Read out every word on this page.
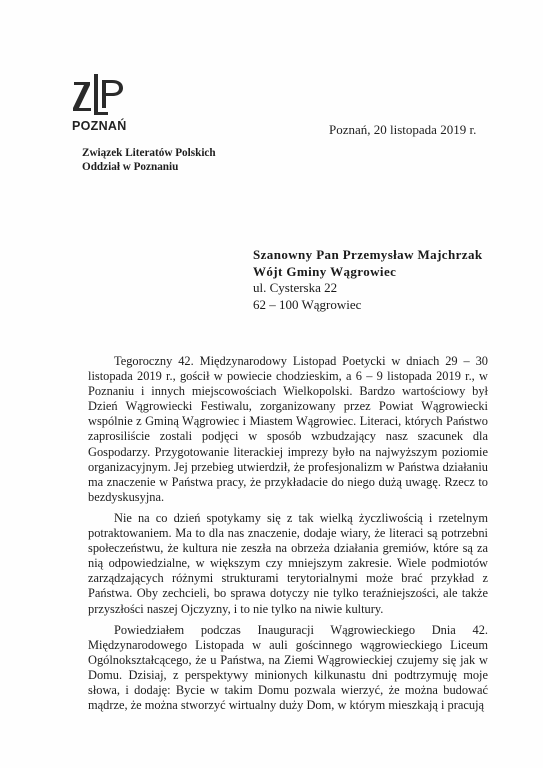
POZNAŃ	Poznań, 20 listopada 2019 r.
Związek Literatów Polskich
Oddział w Poznaniu
Szanowny Pan Przemysław Majchrzak
Wójt Gminy Wągrowiec
ul. Cysterska 22
62 – 100 Wągrowiec

Tegoroczny 42. Międzynarodowy Listopad Poetycki w dniach 29 – 30 listopada 2019 r., gościł w powiecie chodzieskim, a 6 – 9 listopada 2019 r., w Poznaniu i innych miejscowościach Wielkopolski. Bardzo wartościowy był Dzień Wągrowiecki Festiwalu, zorganizowany przez Powiat Wągrowiecki wspólnie z Gminą Wągrowiec i Miastem Wągrowiec. Literaci, których Państwo zaprosiliście zostali podjęci w sposób wzbudzający nasz szacunek dla Gospodarzy. Przygotowanie literackiej imprezy było na najwyższym poziomie organizacyjnym. Jej przebieg utwierdził, że profesjonalizm w Państwa działaniu ma znaczenie w Państwa pracy, że przykładacie do niego dużą uwagę. Rzecz to bezdyskusyjna.

Nie na co dzień spotykamy się z tak wielką życzliwością i rzetelnym potraktowaniem. Ma to dla nas znaczenie, dodaje wiary, że literaci są potrzebni społeczeństwu, że kultura nie zeszła na obrzeża działania gremiów, które są za nią odpowiedzialne, w większym czy mniejszym zakresie. Wiele podmiotów zarządzających różnymi strukturami terytorialnymi może brać przykład z Państwa. Oby zechcieli, bo sprawa dotyczy nie tylko teraźniejszości, ale także przyszłości naszej Ojczyzny, i to nie tylko na niwie kultury.

Powiedziałem podczas Inauguracji Wągrowieckiego Dnia 42. Międzynarodowego Listopada w auli gościnnego wągrowieckiego Liceum Ogólnokształcącego, że u Państwa, na Ziemi Wągrowieckiej czujemy się jak w Domu. Dzisiaj, z perspektywy minionych kilkunastu dni podtrzymuję moje słowa, i dodaję: Bycie w takim Domu pozwala wierzyć, że można budować mądrze, że można stworzyć wirtualny duży Dom, w którym mieszkają i pracują
